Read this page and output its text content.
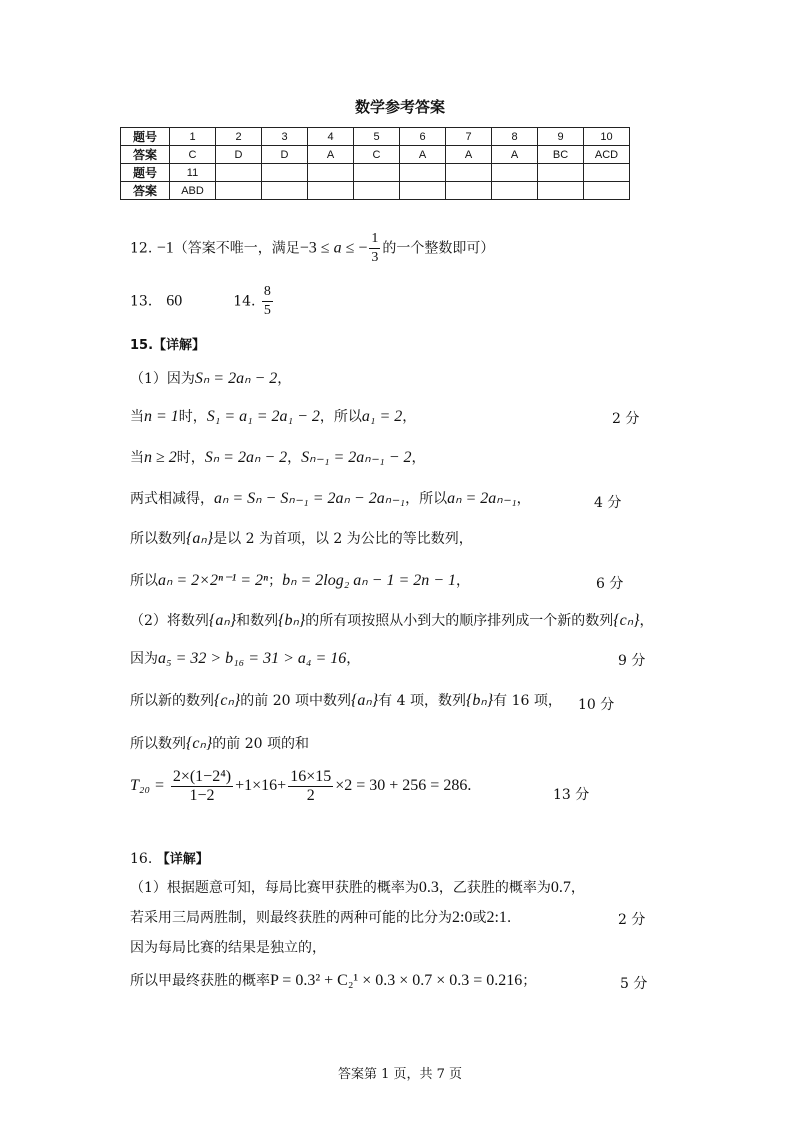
数学参考答案
题号	1	2	3	4	5	6	7	8	9	10
答案	C	D	D	A	C	A	A	A	BC	ACD
题号	11									
答案	ABD									
12. −1（答案不唯一，满足−3 ≤ a ≤ − $\frac{1}{3}$ 的一个整数即可）
13． 60	14. $\frac{8}{5}$
15.【详解】
（1）因为Sₙ = 2aₙ − 2，
当n = 1时，S₁ = a₁ = 2a₁ − 2，所以a₁ = 2，	2 分
当n ≥ 2时，Sₙ = 2aₙ − 2，Sₙ₋₁ = 2aₙ₋₁ − 2，
两式相减得，aₙ = Sₙ − Sₙ₋₁ = 2aₙ − 2aₙ₋₁，所以aₙ = 2aₙ₋₁，	4 分
所以数列{aₙ}是以 2 为首项，以 2 为公比的等比数列，
所以aₙ = 2×2ⁿ⁻¹ = 2ⁿ；bₙ = 2log₂ aₙ − 1 = 2n − 1，	6 分
（2）将数列{aₙ}和数列{bₙ}的所有项按照从小到大的顺序排列成一个新的数列{cₙ}，
因为a₅ = 32 > b₁₆ = 31 > a₄ = 16，	9 分
所以新的数列{cₙ}的前 20 项中数列{aₙ}有 4 项，数列{bₙ}有 16 项， 10 分
所以数列{cₙ}的前 20 项的和
$T_{20} = \frac{\text{2×(1−2⁴)}}{1-2} +1\times 16+ \frac{16\times 15}{2} \times 2 = 30 + 256 = 286$.
13 分
16. 【详解】
（1）根据题意可知，每局比赛甲获胜的概率为0.3，乙获胜的概率为0.7，
若采用三局两胜制，则最终获胜的两种可能的比分为2:0或2:1.	2 分
因为每局比赛的结果是独立的，
所以甲最终获胜的概率P = 0.3² + C₂¹ × 0.3 × 0.7 × 0.3 = 0.216；	5 分
答案第 1 页，共 7 页
